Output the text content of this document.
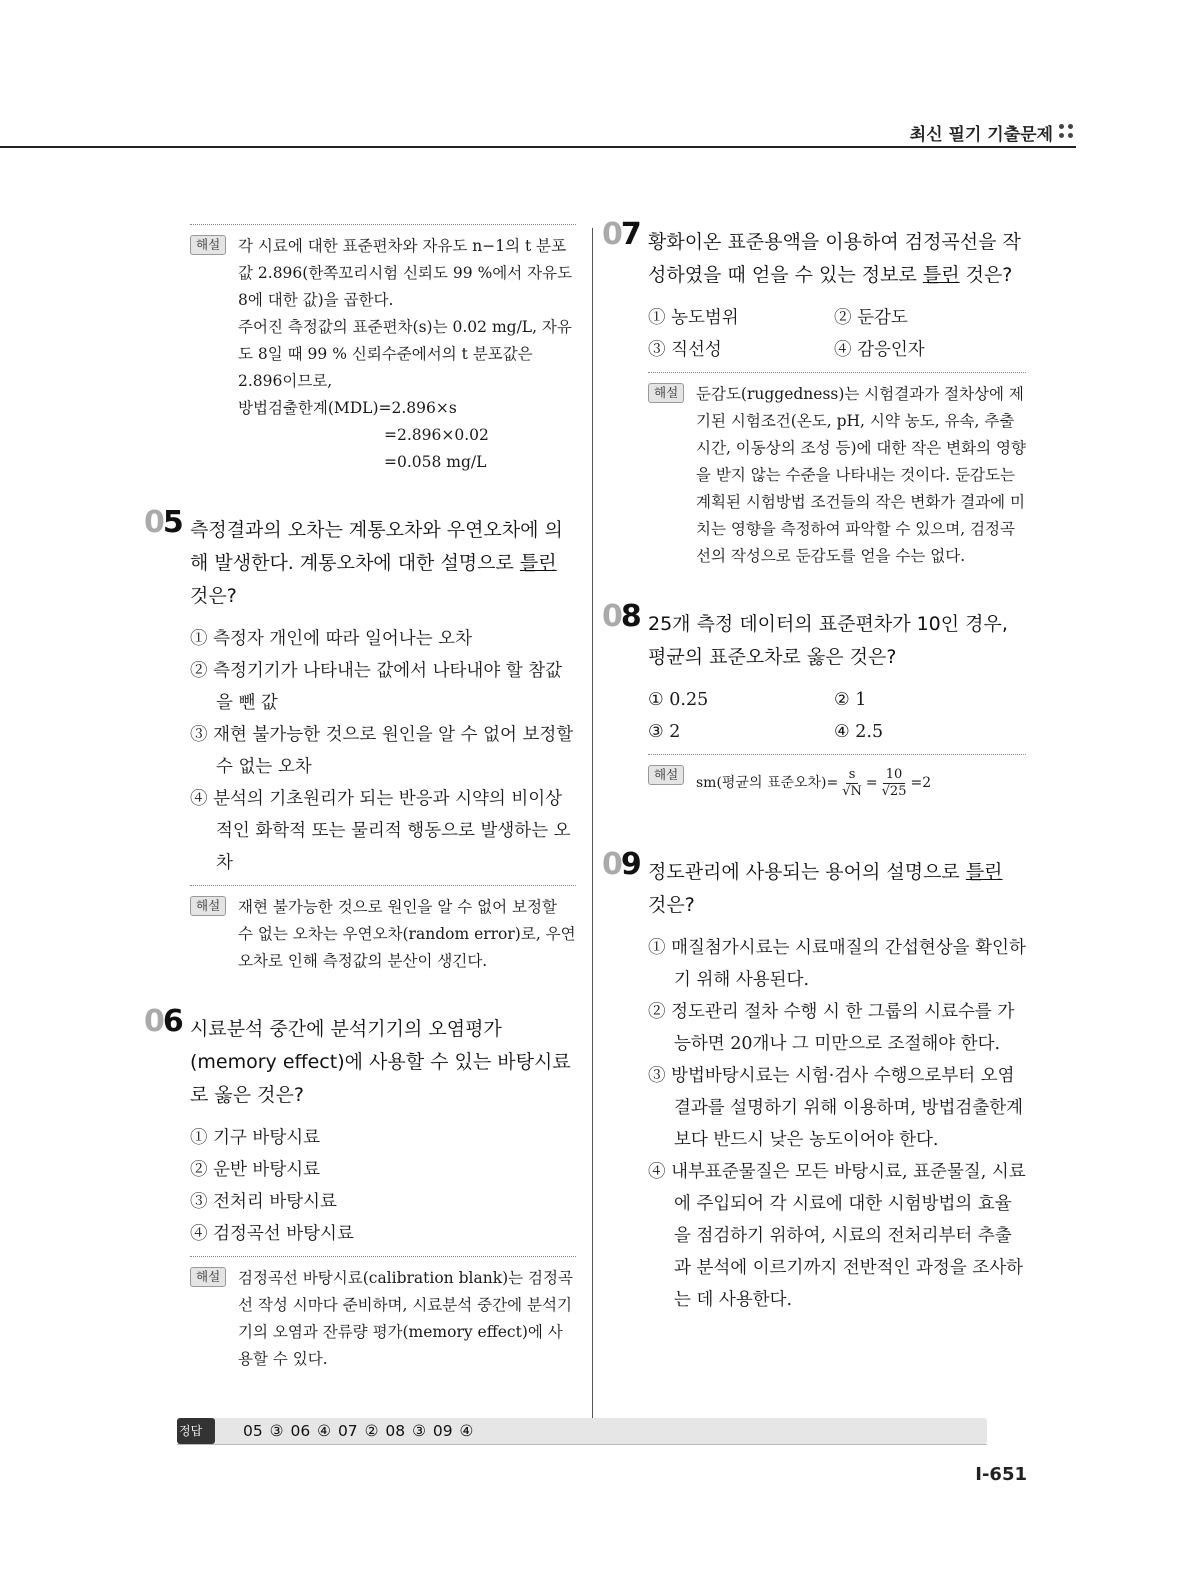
최신 필기 기출문제
해설	각 시료에 대한 표준편차와 자유도 n−1의 t 분포값 2.896(한쪽꼬리시험 신뢰도 99 %에서 자유도 8에 대한 값)을 곱한다.

주어진 측정값의 표준편차(s)는 0.02 mg/L, 자유도 8일 때 99 % 신뢰수준에서의 t 분포값은 2.896이므로,

방법검출한계(MDL)=2.896×s

=2.896×0.02

=0.058 mg/L

05 측정결과의 오차는 계통오차와 우연오차에 의해 발생한다. 계통오차에 대한 설명으로 틀린 것은?

① 측정자 개인에 따라 일어나는 오차
② 측정기기가 나타내는 값에서 나타내야 할 참값을 뺀 값
③ 재현 불가능한 것으로 원인을 알 수 없어 보정할 수 없는 오차
④ 분석의 기초원리가 되는 반응과 시약의 비이상적인 화학적 또는 물리적 행동으로 발생하는 오차
해설	재현 불가능한 것으로 원인을 알 수 없어 보정할 수 없는 오차는 우연오차(random error)로, 우연오차로 인해 측정값의 분산이 생긴다.

06 시료분석 중간에 분석기기의 오염평가(memory effect)에 사용할 수 있는 바탕시료로 옳은 것은?

① 기구 바탕시료
② 운반 바탕시료
③ 전처리 바탕시료
④ 검정곡선 바탕시료
해설	검정곡선 바탕시료(calibration blank)는 검정곡선 작성 시마다 준비하며, 시료분석 중간에 분석기기의 오염과 잔류량 평가(memory effect)에 사용할 수 있다.

07 황화이온 표준용액을 이용하여 검정곡선을 작성하였을 때 얻을 수 있는 정보로 틀린 것은?

① 농도범위	② 둔감도
③ 직선성	④ 감응인자
해설	둔감도(ruggedness)는 시험결과가 절차상에 제기된 시험조건(온도, pH, 시약 농도, 유속, 추출시간, 이동상의 조성 등)에 대한 작은 변화의 영향을 받지 않는 수준을 나타내는 것이다. 둔감도는 계획된 시험방법 조건들의 작은 변화가 결과에 미치는 영향을 측정하여 파악할 수 있으며, 검정곡선의 작성으로 둔감도를 얻을 수는 없다.

08 25개 측정 데이터의 표준편차가 10인 경우, 평균의 표준오차로 옳은 것은?

① 0.25	② 1
③ 2	④ 2.5
해설
sm(평균의 표준오차)= $\frac{s}{√N} = \frac{10}{√25} =2$
09 정도관리에 사용되는 용어의 설명으로 틀린 것은?

① 매질첨가시료는 시료매질의 간섭현상을 확인하기 위해 사용된다.
② 정도관리 절차 수행 시 한 그룹의 시료수를 가능하면 20개나 그 미만으로 조절해야 한다.
③ 방법바탕시료는 시험·검사 수행으로부터 오염결과를 설명하기 위해 이용하며, 방법검출한계보다 반드시 낮은 농도이어야 한다.
④ 내부표준물질은 모든 바탕시료, 표준물질, 시료에 주입되어 각 시료에 대한 시험방법의 효율을 점검하기 위하여, 시료의 전처리부터 추출과 분석에 이르기까지 전반적인 과정을 조사하는 데 사용한다.
정답	05 ③ 06 ④ 07 ② 08 ③ 09 ④
I-651
